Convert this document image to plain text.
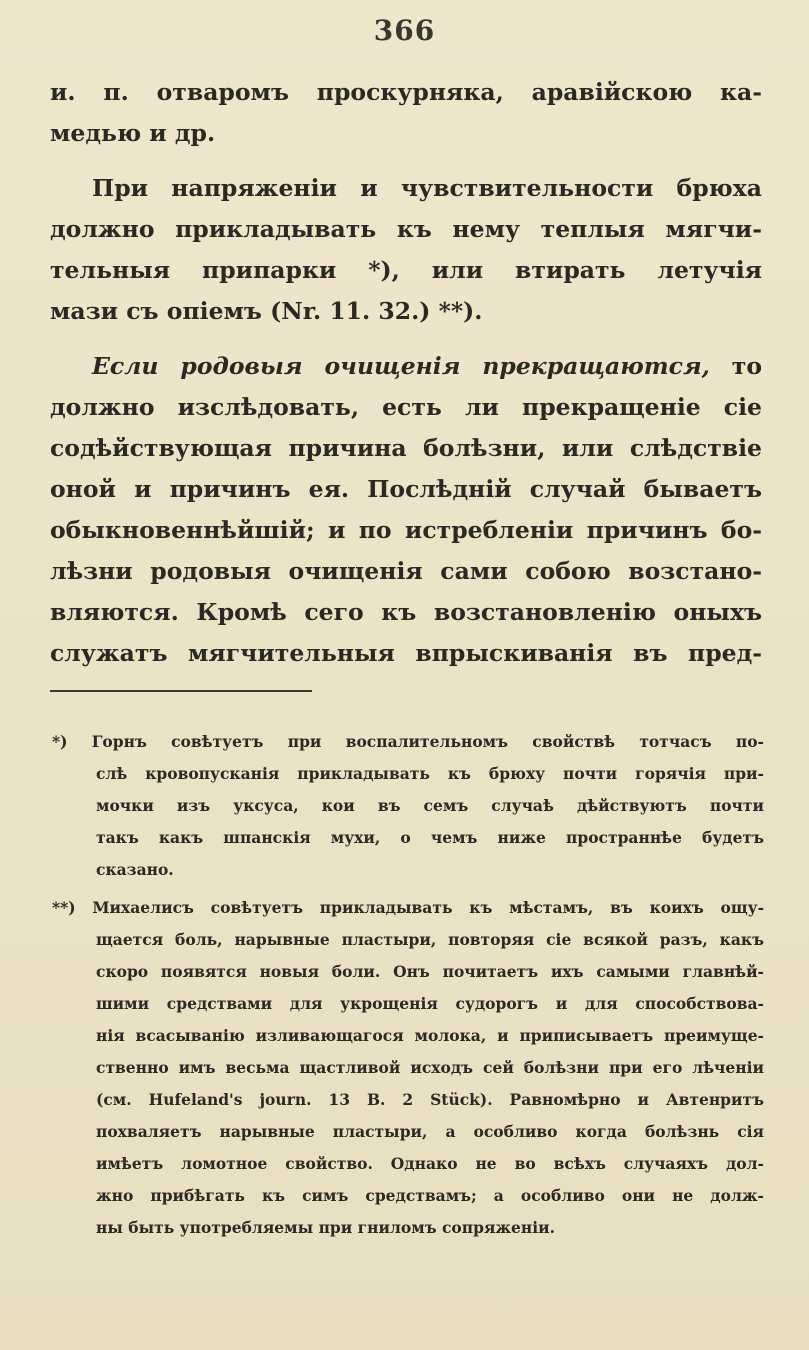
366
и. п. отваромъ проскурняка, аравійскою ка-
медью и др.
При напряженіи и чувствительности брюха
должно прикладывать къ нему теплыя мягчи-
тельныя припарки *), или втирать летучія
мази съ опіемъ (Nr. 11. 32.) **).
Если родовыя очищенія прекращаются, то
должно изслѣдовать, есть ли прекращеніе сіе
содѣйствующая причина болѣзни, или слѣдствіе
оной и причинъ ея. Послѣдній случай бываетъ
обыкновеннѣйшій; и по истребленіи причинъ бо-
лѣзни родовыя очищенія сами собою возстано-
вляются. Кромѣ сего къ возстановленію оныхъ
служатъ мягчительныя впрыскиванія въ пред-
*) Горнъ совѣтуетъ при воспалительномъ свойствѣ тотчасъ по-
слѣ кровопусканія прикладывать къ брюху почти горячія при-
мочки изъ уксуса, кои въ семъ случаѣ дѣйствуютъ почти
такъ какъ шпанскія мухи, о чемъ ниже пространнѣе будетъ
сказано.
**) Михаелисъ совѣтуетъ прикладывать къ мѣстамъ, въ коихъ ощу-
щается боль, нарывные пластыри, повторяя сіе всякой разъ, какъ
скоро появятся новыя боли. Онъ почитаетъ ихъ самыми главнѣй-
шими средствами для укрощенія судорогъ и для способствова-
нія всасыванію изливающагося молока, и приписываетъ преимуще-
ственно имъ весьма щастливой исходъ сей болѣзни при его лѣченіи
(см. Hufeland's journ. 13 B. 2 Stück). Равномѣрно и Автенритъ
похваляетъ нарывные пластыри, а особливо когда болѣзнь сія
имѣетъ ломотное свойство. Однако не во всѣхъ случаяхъ дол-
жно прибѣгать къ симъ средствамъ; а особливо они не долж-
ны быть употребляемы при гниломъ сопряженіи.
